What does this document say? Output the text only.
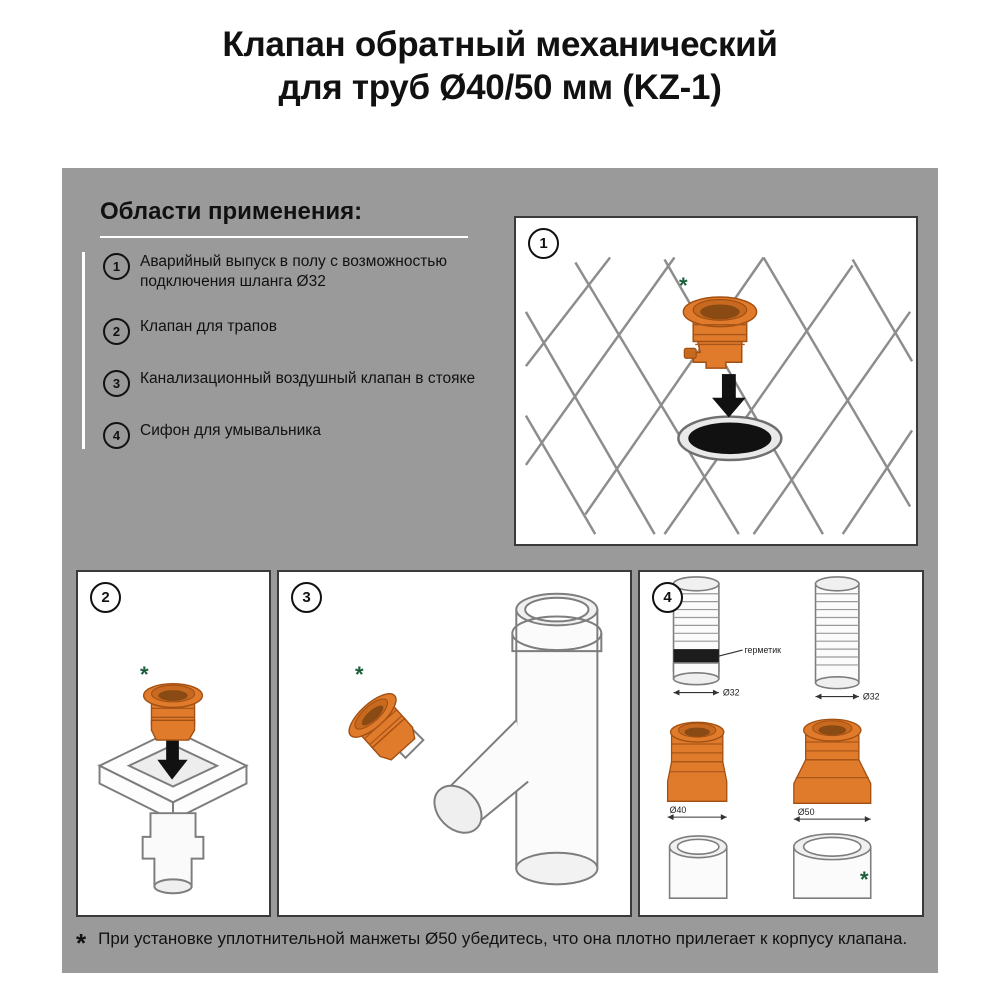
Клапан обратный механический
для труб Ø40/50 мм (KZ-1)
Области применения:
1	Аварийный выпуск в полу с возможностью подключения шланга Ø32
2	Клапан для трапов
3	Канализационный воздушный клапан в стояке
4	Сифон для умывальника
1
*
2
*
3
*
4
герметик
Ø32	Ø32
Ø40	Ø50
*
* При установке уплотнительной манжеты Ø50 убедитесь, что она плотно прилегает к корпусу клапана.
